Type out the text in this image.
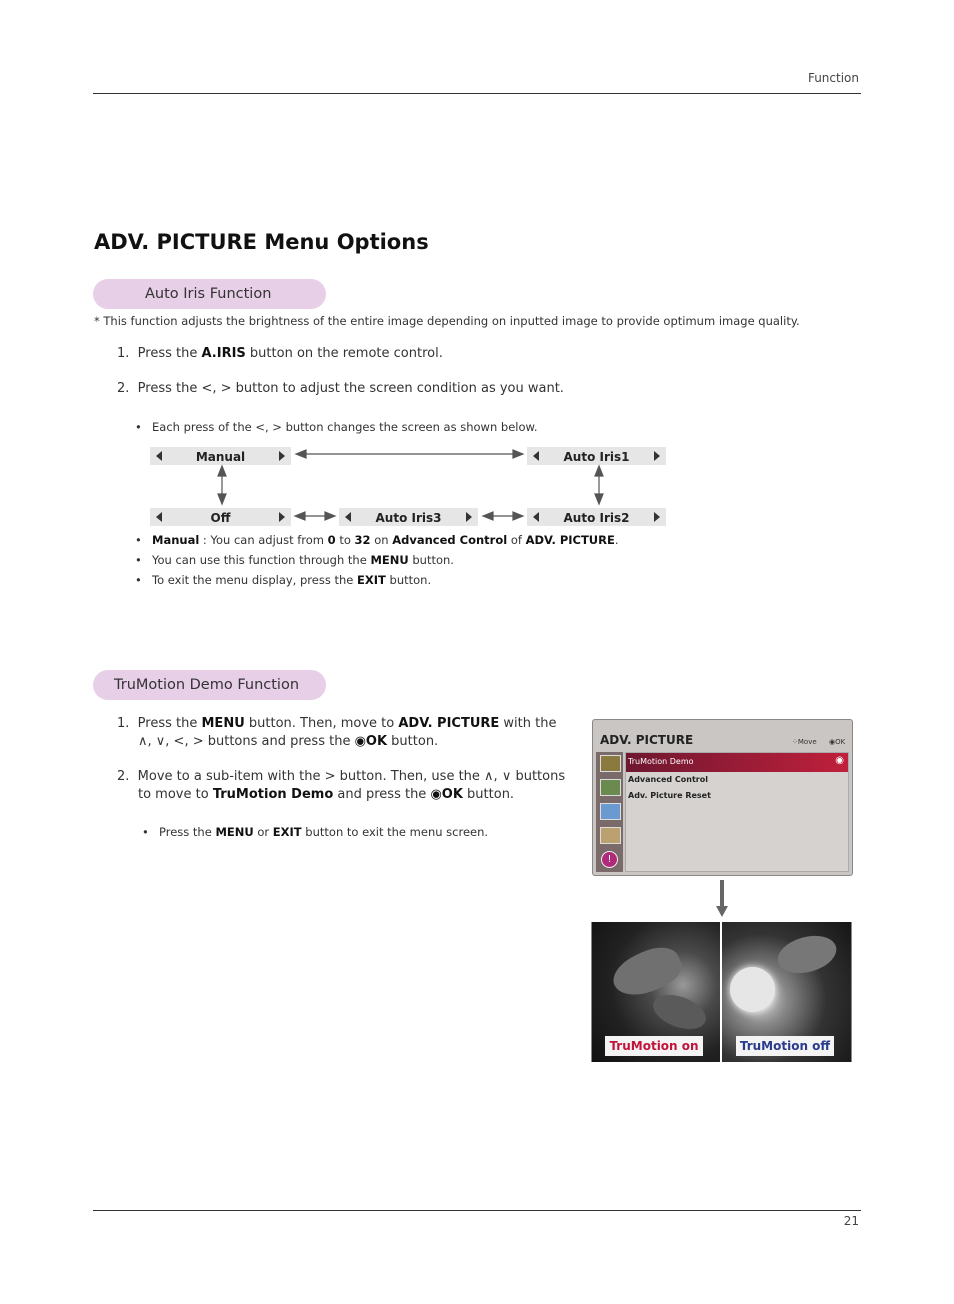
Function
ADV. PICTURE Menu Options
Auto Iris Function
* This function adjusts the brightness of the entire image depending on inputted image to provide optimum image quality.
1. Press the A.IRIS button on the remote control.
2. Press the <, > button to adjust the screen condition as you want.
• Each press of the <, > button changes the screen as shown below.
Manual	Auto Iris1
Off	Auto Iris3	Auto Iris2
• Manual : You can adjust from 0 to 32 on Advanced Control of ADV. PICTURE.
• You can use this function through the MENU button.
• To exit the menu display, press the EXIT button.
TruMotion Demo Function
1. Press the MENU button. Then, move to ADV. PICTURE with the
∧, ∨, <, > buttons and press the ◉OK button.
2. Move to a sub-item with the > button. Then, use the ∧, ∨ buttons
to move to TruMotion Demo and press the ◉OK button.
• Press the MENU or EXIT button to exit the menu screen.
ADV. PICTURE	⁘Move ◉OK
!
TruMotion Demo	◉
Advanced Control
Adv. Picture Reset
TruMotion on	TruMotion off
21
